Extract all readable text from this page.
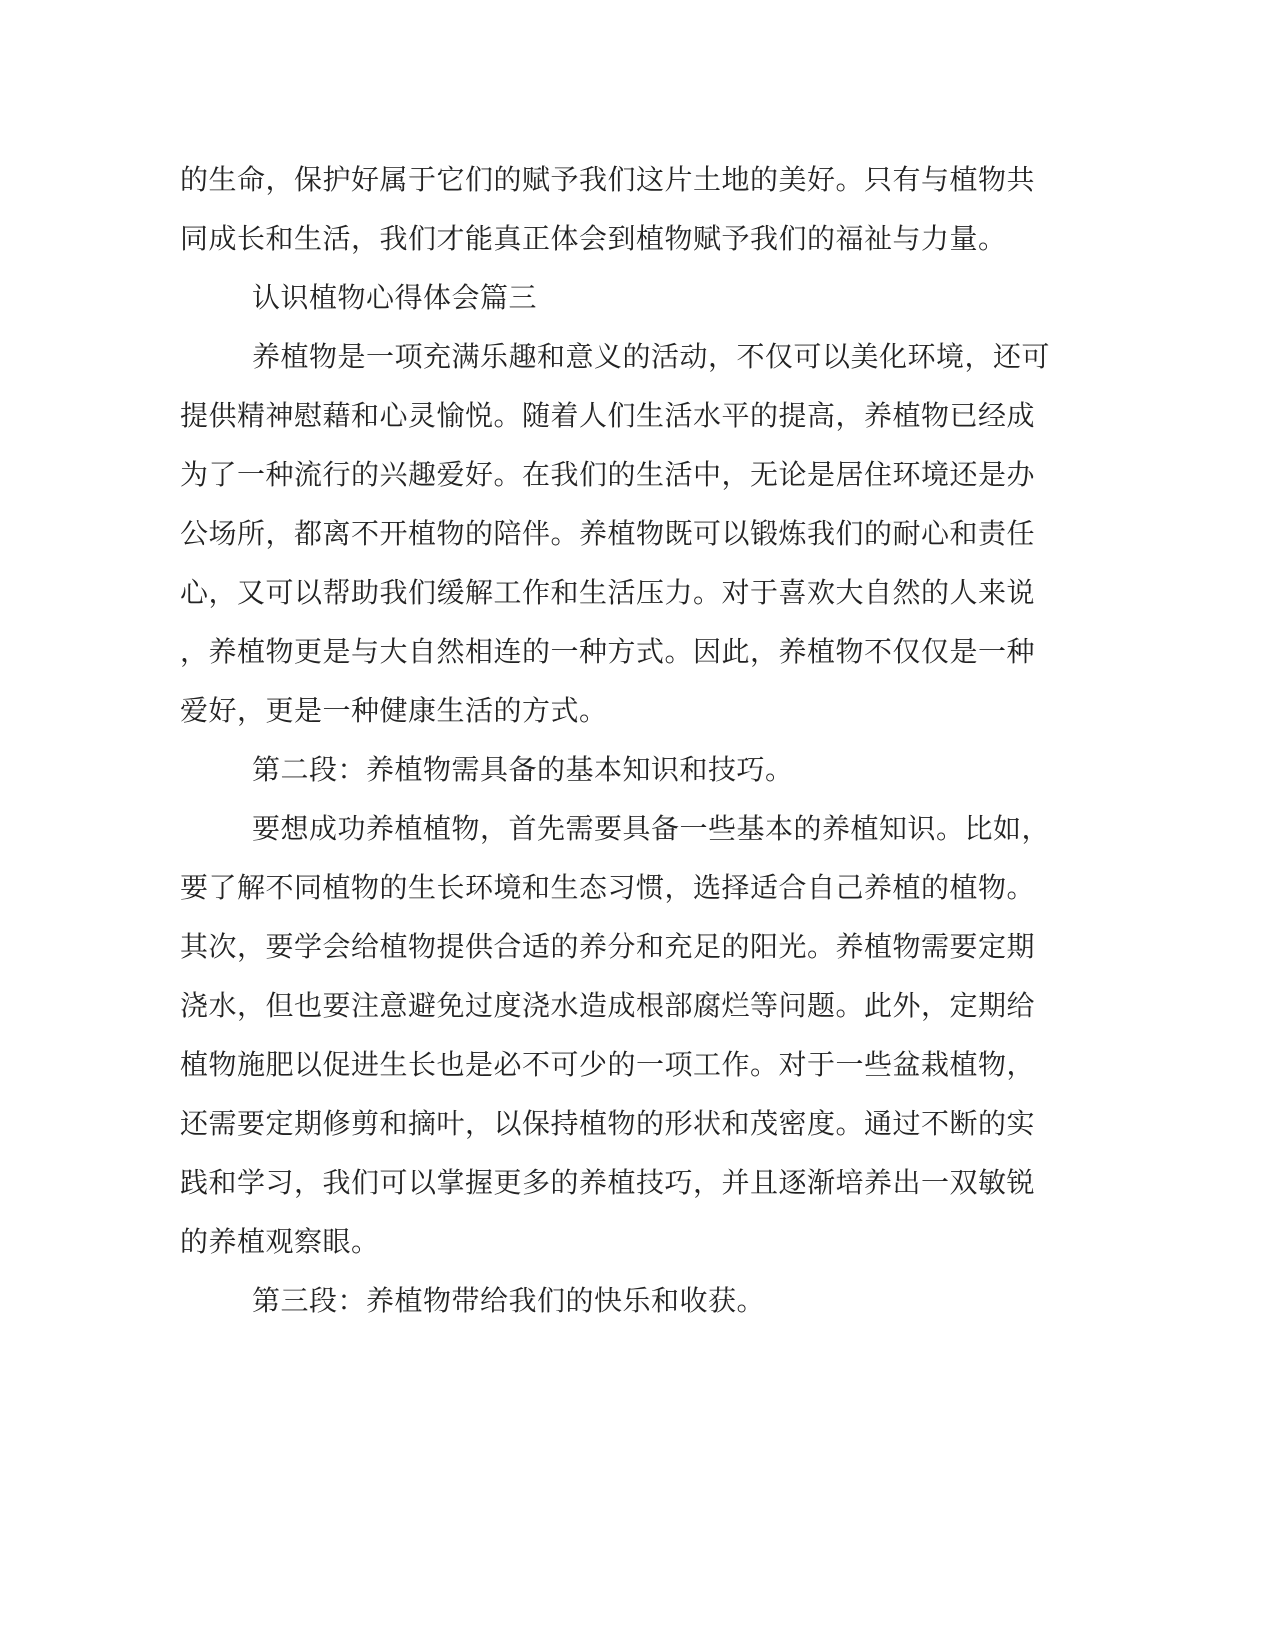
的生命，保护好属于它们的赋予我们这片土地的美好。只有与植物共

同成长和生活，我们才能真正体会到植物赋予我们的福祉与力量。

认识植物心得体会篇三

养植物是一项充满乐趣和意义的活动，不仅可以美化环境，还可

提供精神慰藉和心灵愉悦。随着人们生活水平的提高，养植物已经成

为了一种流行的兴趣爱好。在我们的生活中，无论是居住环境还是办

公场所，都离不开植物的陪伴。养植物既可以锻炼我们的耐心和责任

心，又可以帮助我们缓解工作和生活压力。对于喜欢大自然的人来说

，养植物更是与大自然相连的一种方式。因此，养植物不仅仅是一种

爱好，更是一种健康生活的方式。

第二段：养植物需具备的基本知识和技巧。

要想成功养植植物，首先需要具备一些基本的养植知识。比如，

要了解不同植物的生长环境和生态习惯，选择适合自己养植的植物。

其次，要学会给植物提供合适的养分和充足的阳光。养植物需要定期

浇水，但也要注意避免过度浇水造成根部腐烂等问题。此外，定期给

植物施肥以促进生长也是必不可少的一项工作。对于一些盆栽植物，

还需要定期修剪和摘叶，以保持植物的形状和茂密度。通过不断的实

践和学习，我们可以掌握更多的养植技巧，并且逐渐培养出一双敏锐

的养植观察眼。

第三段：养植物带给我们的快乐和收获。
